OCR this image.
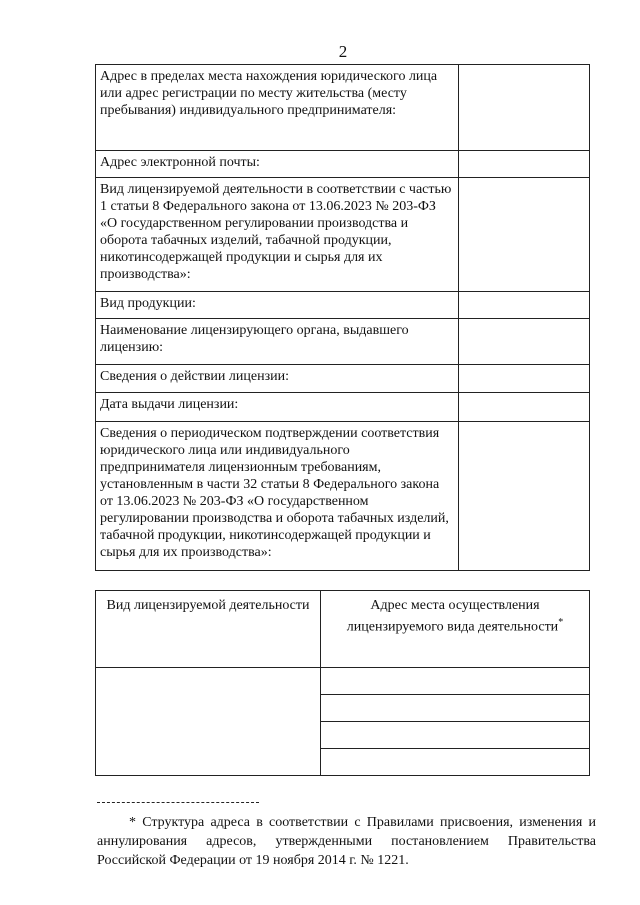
2
Адрес в пределах места нахождения юридического лица или адрес регистрации по месту жительства (месту пребывания) индивидуального предпринимателя:	
Адрес электронной почты:	
Вид лицензируемой деятельности в соответствии с частью 1 статьи 8 Федерального закона от 13.06.2023 № 203-ФЗ «О государственном регулировании производства и оборота табачных изделий, табачной продукции, никотинсодержащей продукции и сырья для их производства»:	
Вид продукции:	
Наименование лицензирующего органа, выдавшего лицензию:	
Сведения о действии лицензии:	
Дата выдачи лицензии:	
Сведения о периодическом подтверждении соответствия юридического лица или индивидуального предпринимателя лицензионным требованиям, установленным в части 32 статьи 8 Федерального закона от 13.06.2023 № 203-ФЗ «О государственном регулировании производства и оборота табачных изделий, табачной продукции, никотинсодержащей продукции и сырья для их производства»:	
Вид лицензируемой деятельности	Адрес места осуществления лицензируемого вида деятельности*

* Структура адреса в соответствии с Правилами присвоения, изменения и аннулирования адресов, утвержденными постановлением Правительства Российской Федерации от 19 ноября 2014 г. № 1221.
